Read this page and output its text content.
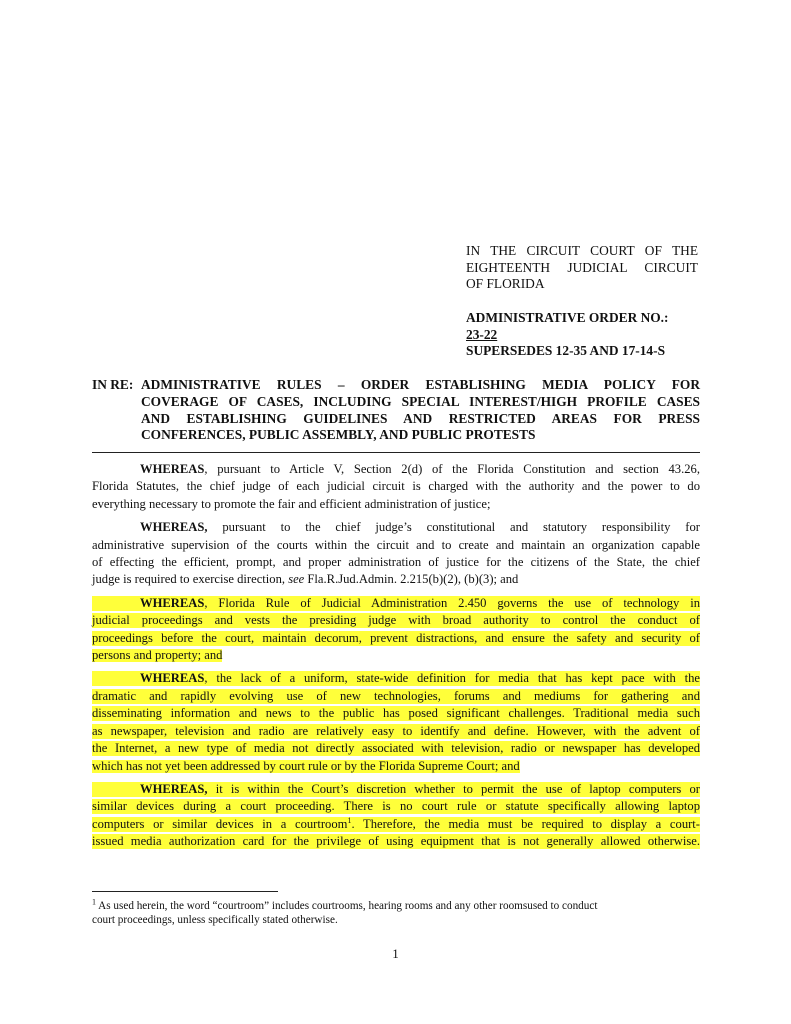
IN THE CIRCUIT COURT OF THE
EIGHTEENTH JUDICIAL CIRCUIT
OF FLORIDA
ADMINISTRATIVE ORDER NO.:
23-22
SUPERSEDES 12-35 AND 17-14-S
IN RE: ADMINISTRATIVE RULES – ORDER ESTABLISHING MEDIA POLICY FOR
COVERAGE OF CASES, INCLUDING SPECIAL INTEREST/HIGH PROFILE CASES
AND ESTABLISHING GUIDELINES AND RESTRICTED AREAS FOR PRESS
CONFERENCES, PUBLIC ASSEMBLY, AND PUBLIC PROTESTS
WHEREAS, pursuant to Article V, Section 2(d) of the Florida Constitution and section 43.26,
Florida Statutes, the chief judge of each judicial circuit is charged with the authority and the power to do
everything necessary to promote the fair and efficient administration of justice;
WHEREAS, pursuant to the chief judge’s constitutional and statutory responsibility for
administrative supervision of the courts within the circuit and to create and maintain an organization capable
of effecting the efficient, prompt, and proper administration of justice for the citizens of the State, the chief
judge is required to exercise direction, see Fla.R.Jud.Admin. 2.215(b)(2), (b)(3); and
WHEREAS, Florida Rule of Judicial Administration 2.450 governs the use of technology in
judicial proceedings and vests the presiding judge with broad authority to control the conduct of
proceedings before the court, maintain decorum, prevent distractions, and ensure the safety and security of
persons and property; and
WHEREAS, the lack of a uniform, state-wide definition for media that has kept pace with the
dramatic and rapidly evolving use of new technologies, forums and mediums for gathering and
disseminating information and news to the public has posed significant challenges. Traditional media such
as newspaper, television and radio are relatively easy to identify and define. However, with the advent of
the Internet, a new type of media not directly associated with television, radio or newspaper has developed
which has not yet been addressed by court rule or by the Florida Supreme Court; and
WHEREAS, it is within the Court’s discretion whether to permit the use of laptop computers or
similar devices during a court proceeding. There is no court rule or statute specifically allowing laptop
computers or similar devices in a courtroom$^1$. Therefore, the media must be required to display a court-
issued media authorization card for the privilege of using equipment that is not generally allowed otherwise.
$^1$ As used herein, the word “courtroom” includes courtrooms, hearing rooms and any other roomsused to conduct
court proceedings, unless specifically stated otherwise.
1
